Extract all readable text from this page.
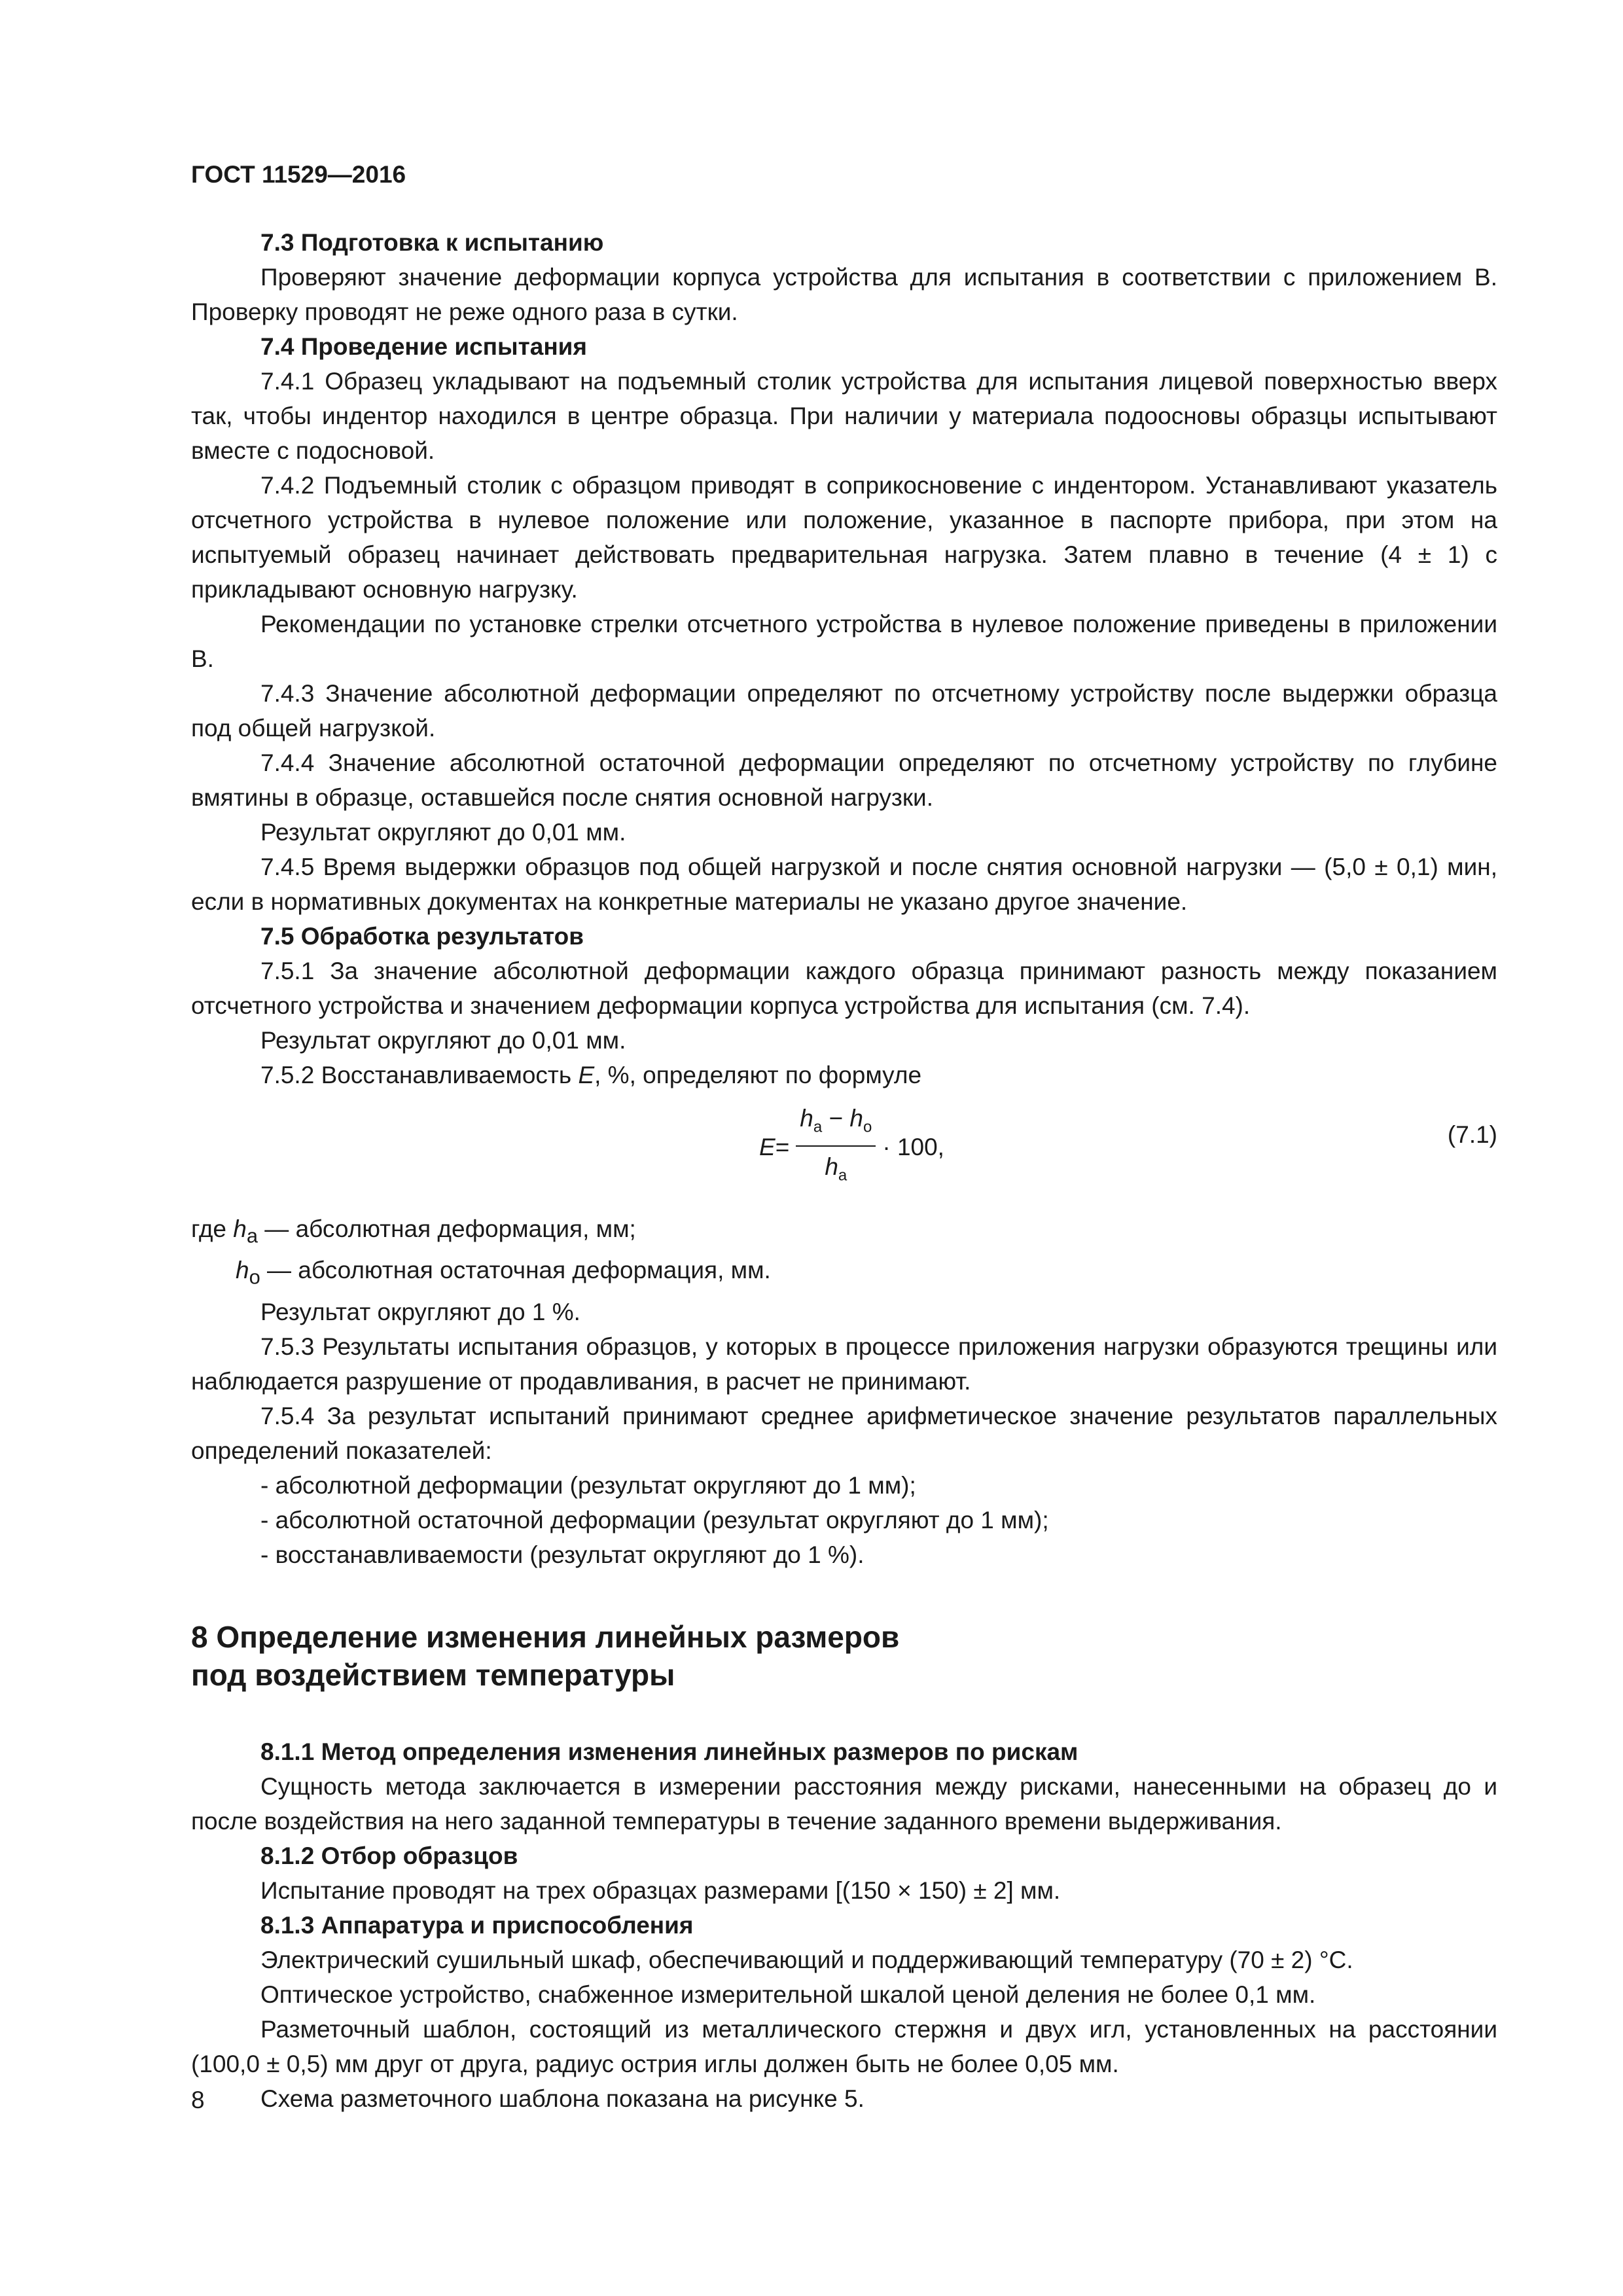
ГОСТ 11529—2016

7.3 Подготовка к испытанию

Проверяют значение деформации корпуса устройства для испытания в соответствии с приложением В. Проверку проводят не реже одного раза в сутки.

7.4 Проведение испытания

7.4.1 Образец укладывают на подъемный столик устройства для испытания лицевой поверхностью вверх так, чтобы индентор находился в центре образца. При наличии у материала подоосновы образцы испытывают вместе с подосновой.

7.4.2 Подъемный столик с образцом приводят в соприкосновение с индентором. Устанавливают указатель отсчетного устройства в нулевое положение или положение, указанное в паспорте прибора, при этом на испытуемый образец начинает действовать предварительная нагрузка. Затем плавно в течение (4 ± 1) с прикладывают основную нагрузку.

Рекомендации по установке стрелки отсчетного устройства в нулевое положение приведены в приложении В.

7.4.3 Значение абсолютной деформации определяют по отсчетному устройству после выдержки образца под общей нагрузкой.

7.4.4 Значение абсолютной остаточной деформации определяют по отсчетному устройству по глубине вмятины в образце, оставшейся после снятия основной нагрузки.

Результат округляют до 0,01 мм.

7.4.5 Время выдержки образцов под общей нагрузкой и после снятия основной нагрузки — (5,0 ± 0,1) мин, если в нормативных документах на конкретные материалы не указано другое значение.

7.5 Обработка результатов

7.5.1 За значение абсолютной деформации каждого образца принимают разность между показанием отсчетного устройства и значением деформации корпуса устройства для испытания (см. 7.4).

Результат округляют до 0,01 мм.

7.5.2 Восстанавливаемость E, %, определяют по формуле

$E = \frac{h_а - h_о}{h_а} \cdot 100$,	(7.1)

где $h_а$ — абсолютная деформация, мм;

$h_о$ — абсолютная остаточная деформация, мм.

Результат округляют до 1 %.

7.5.3 Результаты испытания образцов, у которых в процессе приложения нагрузки образуются трещины или наблюдается разрушение от продавливания, в расчет не принимают.

7.5.4 За результат испытаний принимают среднее арифметическое значение результатов параллельных определений показателей:

- абсолютной деформации (результат округляют до 1 мм);

- абсолютной остаточной деформации (результат округляют до 1 мм);

- восстанавливаемости (результат округляют до 1 %).

8 Определение изменения линейных размеров
под воздействием температуры

8.1.1 Метод определения изменения линейных размеров по рискам

Сущность метода заключается в измерении расстояния между рисками, нанесенными на образец до и после воздействия на него заданной температуры в течение заданного времени выдерживания.

8.1.2 Отбор образцов

Испытание проводят на трех образцах размерами [(150 × 150) ± 2] мм.

8.1.3 Аппаратура и приспособления

Электрический сушильный шкаф, обеспечивающий и поддерживающий температуру (70 ± 2) °С.

Оптическое устройство, снабженное измерительной шкалой ценой деления не более 0,1 мм.

Разметочный шаблон, состоящий из металлического стержня и двух игл, установленных на расстоянии (100,0 ± 0,5) мм друг от друга, радиус острия иглы должен быть не более 0,05 мм.

Схема разметочного шаблона показана на рисунке 5.

8
